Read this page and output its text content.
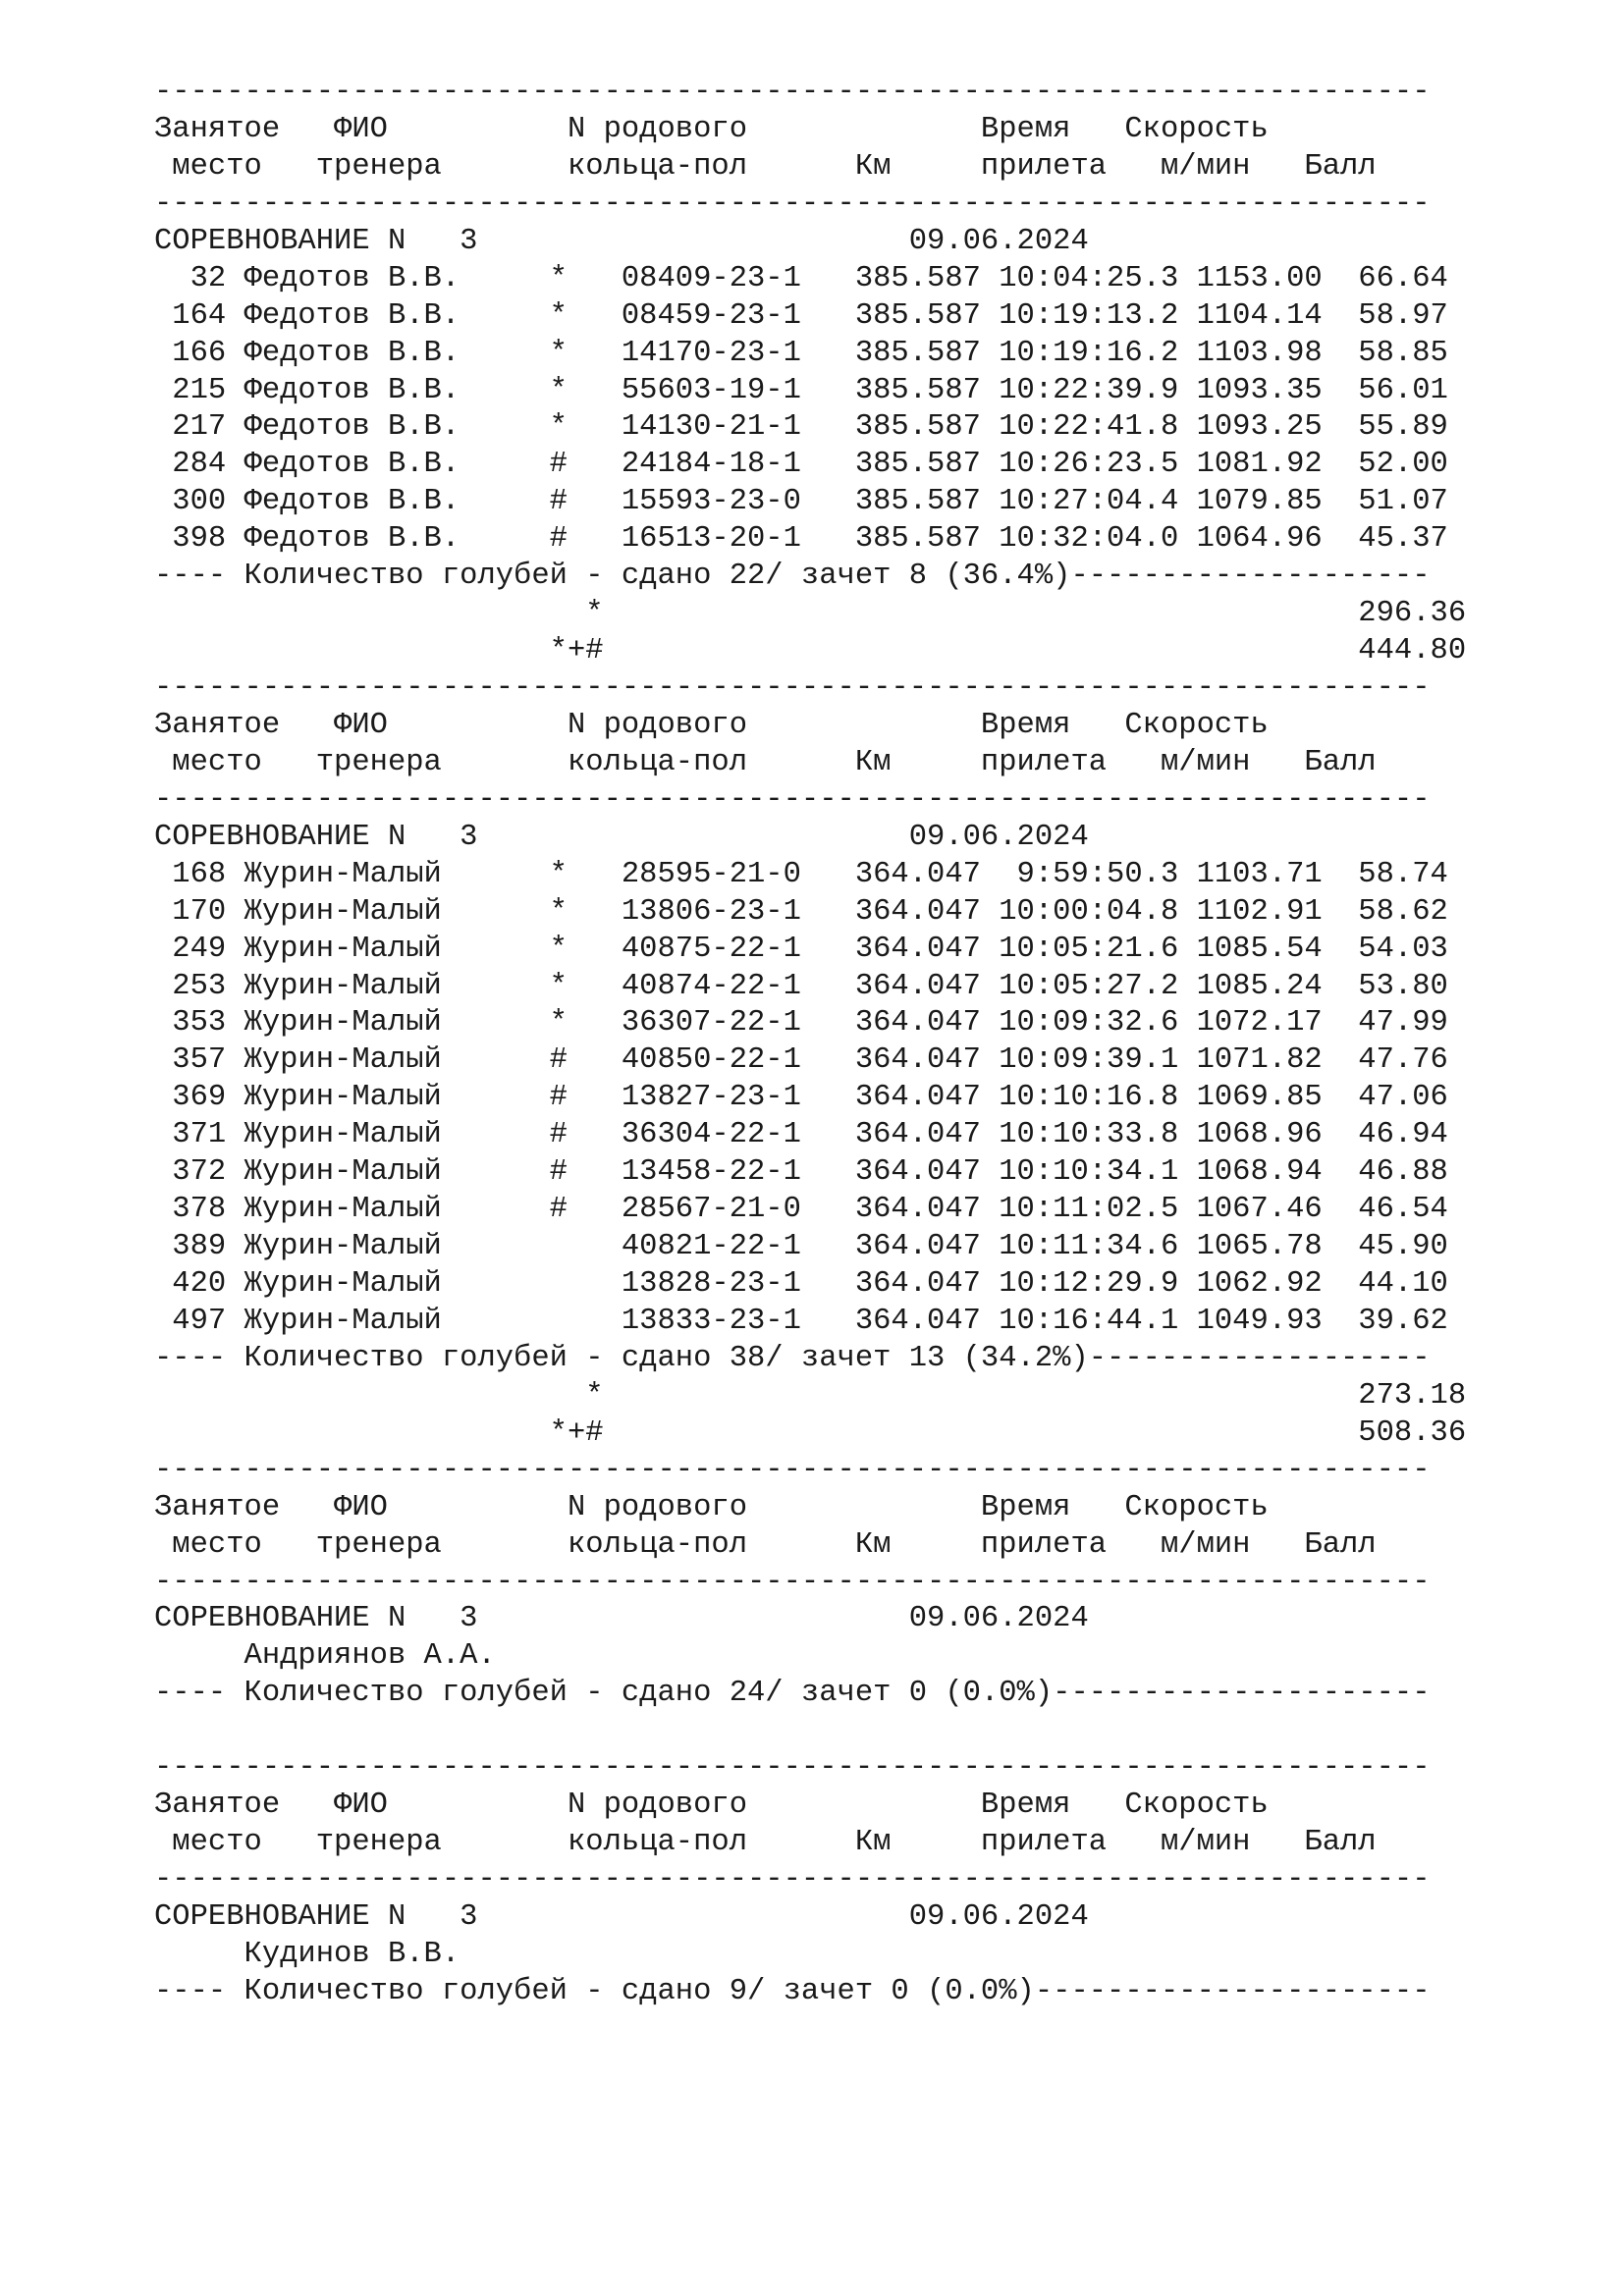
-----------------------------------------------------------------------
Занятое   ФИО          N родового             Время   Скорость
место   тренера       кольца-пол      Км     прилета   м/мин   Балл
-----------------------------------------------------------------------
СОРЕВНОВАНИЕ N   3                        09.06.2024
32 Федотов В.В.     *   08409-23-1   385.587 10:04:25.3 1153.00  66.64
164 Федотов В.В.     *   08459-23-1   385.587 10:19:13.2 1104.14  58.97
166 Федотов В.В.     *   14170-23-1   385.587 10:19:16.2 1103.98  58.85
215 Федотов В.В.     *   55603-19-1   385.587 10:22:39.9 1093.35  56.01
217 Федотов В.В.     *   14130-21-1   385.587 10:22:41.8 1093.25  55.89
284 Федотов В.В.     #   24184-18-1   385.587 10:26:23.5 1081.92  52.00
300 Федотов В.В.     #   15593-23-0   385.587 10:27:04.4 1079.85  51.07
398 Федотов В.В.     #   16513-20-1   385.587 10:32:04.0 1064.96  45.37
---- Количество голубей - сдано 22/ зачет 8 (36.4%)--------------------
*                                          296.36
*+#                                          444.80
-----------------------------------------------------------------------
Занятое   ФИО          N родового             Время   Скорость
место   тренера       кольца-пол      Км     прилета   м/мин   Балл
-----------------------------------------------------------------------
СОРЕВНОВАНИЕ N   3                        09.06.2024
168 Журин-Малый      *   28595-21-0   364.047  9:59:50.3 1103.71  58.74
170 Журин-Малый      *   13806-23-1   364.047 10:00:04.8 1102.91  58.62
249 Журин-Малый      *   40875-22-1   364.047 10:05:21.6 1085.54  54.03
253 Журин-Малый      *   40874-22-1   364.047 10:05:27.2 1085.24  53.80
353 Журин-Малый      *   36307-22-1   364.047 10:09:32.6 1072.17  47.99
357 Журин-Малый      #   40850-22-1   364.047 10:09:39.1 1071.82  47.76
369 Журин-Малый      #   13827-23-1   364.047 10:10:16.8 1069.85  47.06
371 Журин-Малый      #   36304-22-1   364.047 10:10:33.8 1068.96  46.94
372 Журин-Малый      #   13458-22-1   364.047 10:10:34.1 1068.94  46.88
378 Журин-Малый      #   28567-21-0   364.047 10:11:02.5 1067.46  46.54
389 Журин-Малый          40821-22-1   364.047 10:11:34.6 1065.78  45.90
420 Журин-Малый          13828-23-1   364.047 10:12:29.9 1062.92  44.10
497 Журин-Малый          13833-23-1   364.047 10:16:44.1 1049.93  39.62
---- Количество голубей - сдано 38/ зачет 13 (34.2%)-------------------
*                                          273.18
*+#                                          508.36
-----------------------------------------------------------------------
Занятое   ФИО          N родового             Время   Скорость
место   тренера       кольца-пол      Км     прилета   м/мин   Балл
-----------------------------------------------------------------------
СОРЕВНОВАНИЕ N   3                        09.06.2024
Андриянов А.А.
---- Количество голубей - сдано 24/ зачет 0 (0.0%)---------------------
-----------------------------------------------------------------------
Занятое   ФИО          N родового             Время   Скорость
место   тренера       кольца-пол      Км     прилета   м/мин   Балл
-----------------------------------------------------------------------
СОРЕВНОВАНИЕ N   3                        09.06.2024
Кудинов В.В.
---- Количество голубей - сдано 9/ зачет 0 (0.0%)----------------------
